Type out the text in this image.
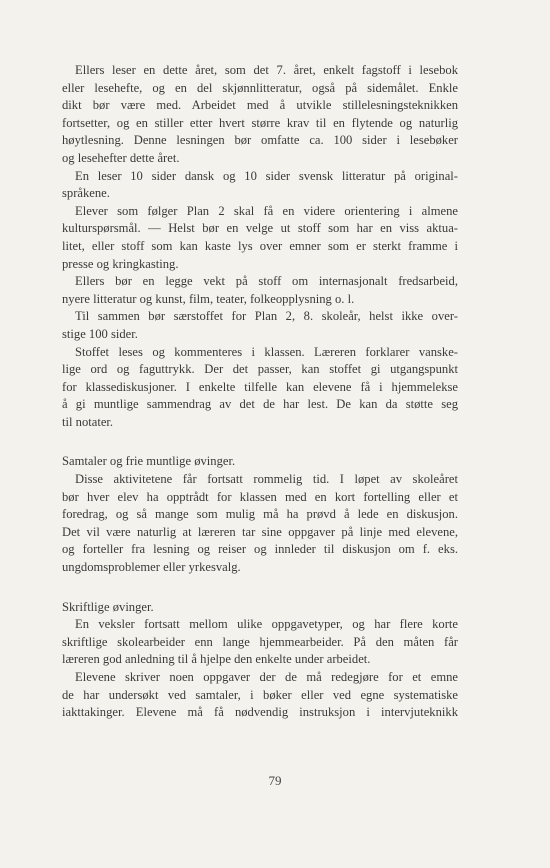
Ellers leser en dette året, som det 7. året, enkelt fagstoff i lesebok
eller lesehefte, og en del skjønnlitteratur, også på sidemålet. Enkle
dikt bør være med. Arbeidet med å utvikle stillelesningsteknikken
fortsetter, og en stiller etter hvert større krav til en flytende og naturlig
høytlesning. Denne lesningen bør omfatte ca. 100 sider i lesebøker
og lesehefter dette året.
En leser 10 sider dansk og 10 sider svensk litteratur på original-
språkene.
Elever som følger Plan 2 skal få en videre orientering i almene
kulturspørsmål. — Helst bør en velge ut stoff som har en viss aktua-
litet, eller stoff som kan kaste lys over emner som er sterkt framme i
presse og kringkasting.
Ellers bør en legge vekt på stoff om internasjonalt fredsarbeid,
nyere litteratur og kunst, film, teater, folkeopplysning o. l.
Til sammen bør særstoffet for Plan 2, 8. skoleår, helst ikke over-
stige 100 sider.
Stoffet leses og kommenteres i klassen. Læreren forklarer vanske-
lige ord og faguttrykk. Der det passer, kan stoffet gi utgangspunkt
for klassediskusjoner. I enkelte tilfelle kan elevene få i hjemmelekse
å gi muntlige sammendrag av det de har lest. De kan da støtte seg
til notater.
Samtaler og frie muntlige øvinger.
Disse aktivitetene får fortsatt rommelig tid. I løpet av skoleåret
bør hver elev ha opptrådt for klassen med en kort fortelling eller et
foredrag, og så mange som mulig må ha prøvd å lede en diskusjon.
Det vil være naturlig at læreren tar sine oppgaver på linje med elevene,
og forteller fra lesning og reiser og innleder til diskusjon om f. eks.
ungdomsproblemer eller yrkesvalg.
Skriftlige øvinger.
En veksler fortsatt mellom ulike oppgavetyper, og har flere korte
skriftlige skolearbeider enn lange hjemmearbeider. På den måten får
læreren god anledning til å hjelpe den enkelte under arbeidet.
Elevene skriver noen oppgaver der de må redegjøre for et emne
de har undersøkt ved samtaler, i bøker eller ved egne systematiske
iakttakinger. Elevene må få nødvendig instruksjon i intervjuteknikk
79
